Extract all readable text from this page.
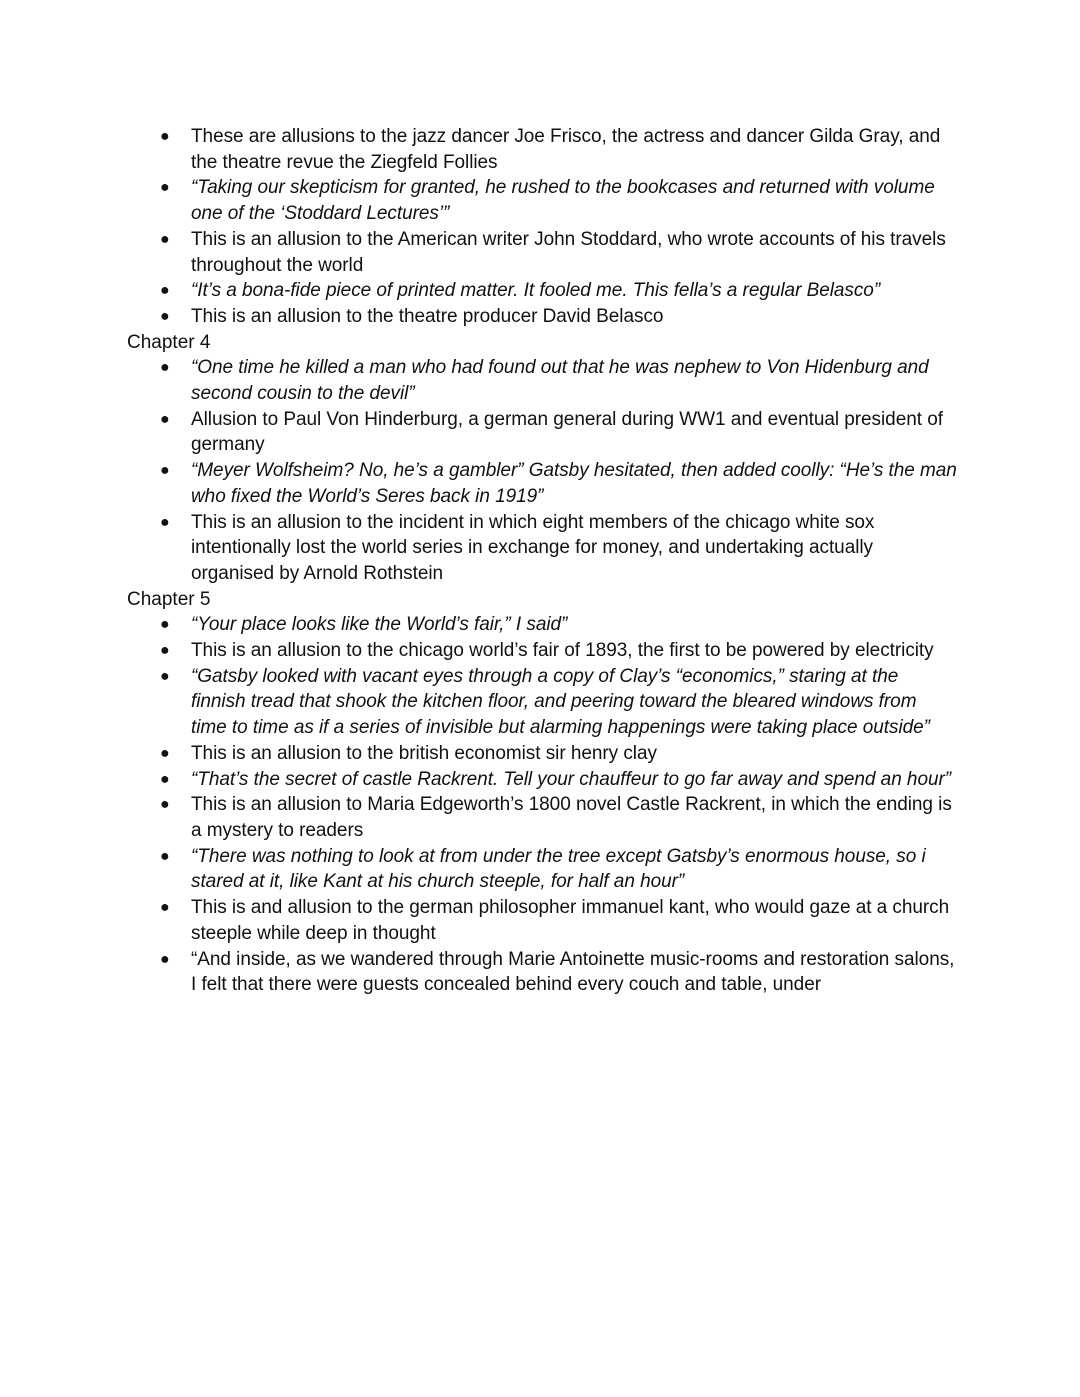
● These are allusions to the jazz dancer Joe Frisco, the actress and dancer Gilda Gray, and the theatre revue the Ziegfeld Follies
● “Taking our skepticism for granted, he rushed to the bookcases and returned with volume one of the ‘Stoddard Lectures’”
● This is an allusion to the American writer John Stoddard, who wrote accounts of his travels throughout the world
● “It’s a bona-fide piece of printed matter. It fooled me. This fella’s a regular Belasco”
● This is an allusion to the theatre producer David Belasco
Chapter 4
● “One time he killed a man who had found out that he was nephew to Von Hidenburg and second cousin to the devil”
● Allusion to Paul Von Hinderburg, a german general during WW1 and eventual president of germany
● “Meyer Wolfsheim? No, he’s a gambler” Gatsby hesitated, then added coolly: “He’s the man who fixed the World’s Seres back in 1919”
● This is an allusion to the incident in which eight members of the chicago white sox intentionally lost the world series in exchange for money, and undertaking actually organised by Arnold Rothstein
Chapter 5
● “Your place looks like the World’s fair,” I said”
● This is an allusion to the chicago world’s fair of 1893, the first to be powered by electricity
● “Gatsby looked with vacant eyes through a copy of Clay’s “economics,” staring at the finnish tread that shook the kitchen floor, and peering toward the bleared windows from time to time as if a series of invisible but alarming happenings were taking place outside”
● This is an allusion to the british economist sir henry clay
● “That’s the secret of castle Rackrent. Tell your chauffeur to go far away and spend an hour”
● This is an allusion to Maria Edgeworth’s 1800 novel Castle Rackrent, in which the ending is a mystery to readers
● “There was nothing to look at from under the tree except Gatsby’s enormous house, so i stared at it, like Kant at his church steeple, for half an hour”
● This is and allusion to the german philosopher immanuel kant, who would gaze at a church steeple while deep in thought
● “And inside, as we wandered through Marie Antoinette music-rooms and restoration salons, I felt that there were guests concealed behind every couch and table, under
